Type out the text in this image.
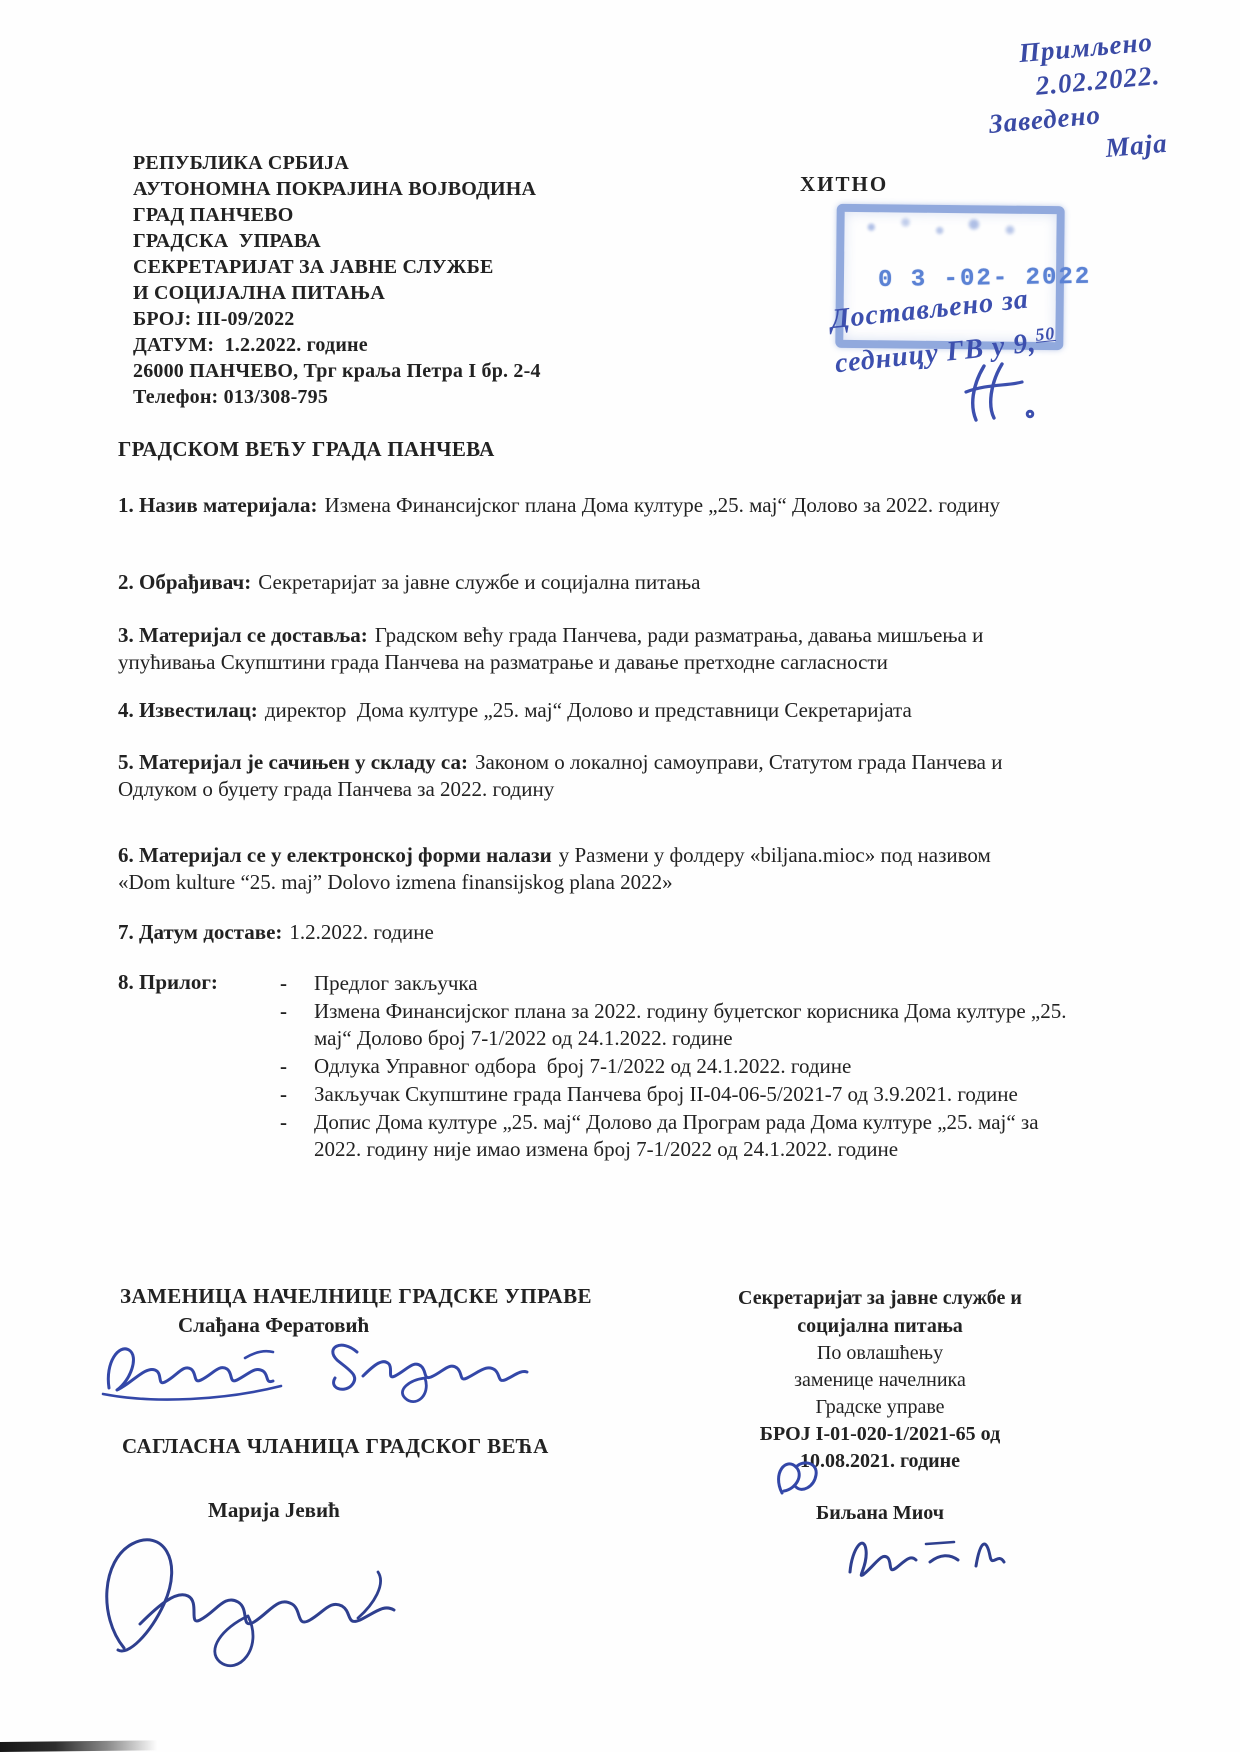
РЕПУБЛИКА СРБИЈА
АУТОНОМНА ПОКРАЈИНА ВОЈВОДИНА
ГРАД ПАНЧЕВО
ГРАДСКА  УПРАВА
СЕКРЕТАРИЈАТ ЗА ЈАВНЕ СЛУЖБЕ
И СОЦИЈАЛНА ПИТАЊА
БРОЈ: III-09/2022
ДАТУМ:  1.2.2022. године
26000 ПАНЧЕВО, Трг краља Петра I бр. 2-4
Телефон: 013/308-795
ХИТНО
Примљено
2.02.2022.
Заведено
Маја
0 3 -02- 2022
Достављено за
седницу ГВ у 9,50
ГРАДСКОМ ВЕЋУ ГРАДА ПАНЧЕВА
1. Назив материјала: Измена Финансијског плана Дома културе „25. мај“ Долово за 2022. годину
2. Обрађивач: Секретаријат за јавне службе и социјална питања
3. Материјал се доставља: Градском већу града Панчева, ради разматрања, давања мишљења и упућивања Скупштини града Панчева на разматрање и давање претходне сагласности
4. Известилац: директор  Дома културе „25. мај“ Долово и представници Секретаријата
5. Материјал је сачињен у складу са: Законом о локалној самоуправи, Статутом града Панчева и Одлуком о буџету града Панчева за 2022. годину
6. Материјал се у електронској форми налази у Размени у фолдеру «biljana.mioc» под називом «Dom kulture “25. maj” Dolovo izmena finansijskog plana 2022»
7. Датум доставе: 1.2.2022. године
8. Прилог:	-	Предлог закључка
-	Измена Финансијског плана за 2022. годину буџетског корисника Дома културе „25. мај“ Долово број 7-1/2022 од 24.1.2022. године
-	Одлука Управног одбора  број 7-1/2022 од 24.1.2022. године
-	Закључак Скупштине града Панчева број II-04-06-5/2021-7 од 3.9.2021. године
-	Допис Дома културе „25. мај“ Долово да Програм рада Дома културе „25. мај“ за 2022. годину није имао измена број 7-1/2022 од 24.1.2022. године
ЗАМЕНИЦА НАЧЕЛНИЦЕ ГРАДСКЕ УПРАВЕ
Слађана Фератовић
САГЛАСНА ЧЛАНИЦА ГРАДСКОГ ВЕЋА
Марија Јевић
Секретаријат за јавне службе и
социјална питања
По овлашћењу
заменице начелника
Градске управе
БРОЈ I-01-020-1/2021-65 од
10.08.2021. године
Биљана Миоч
